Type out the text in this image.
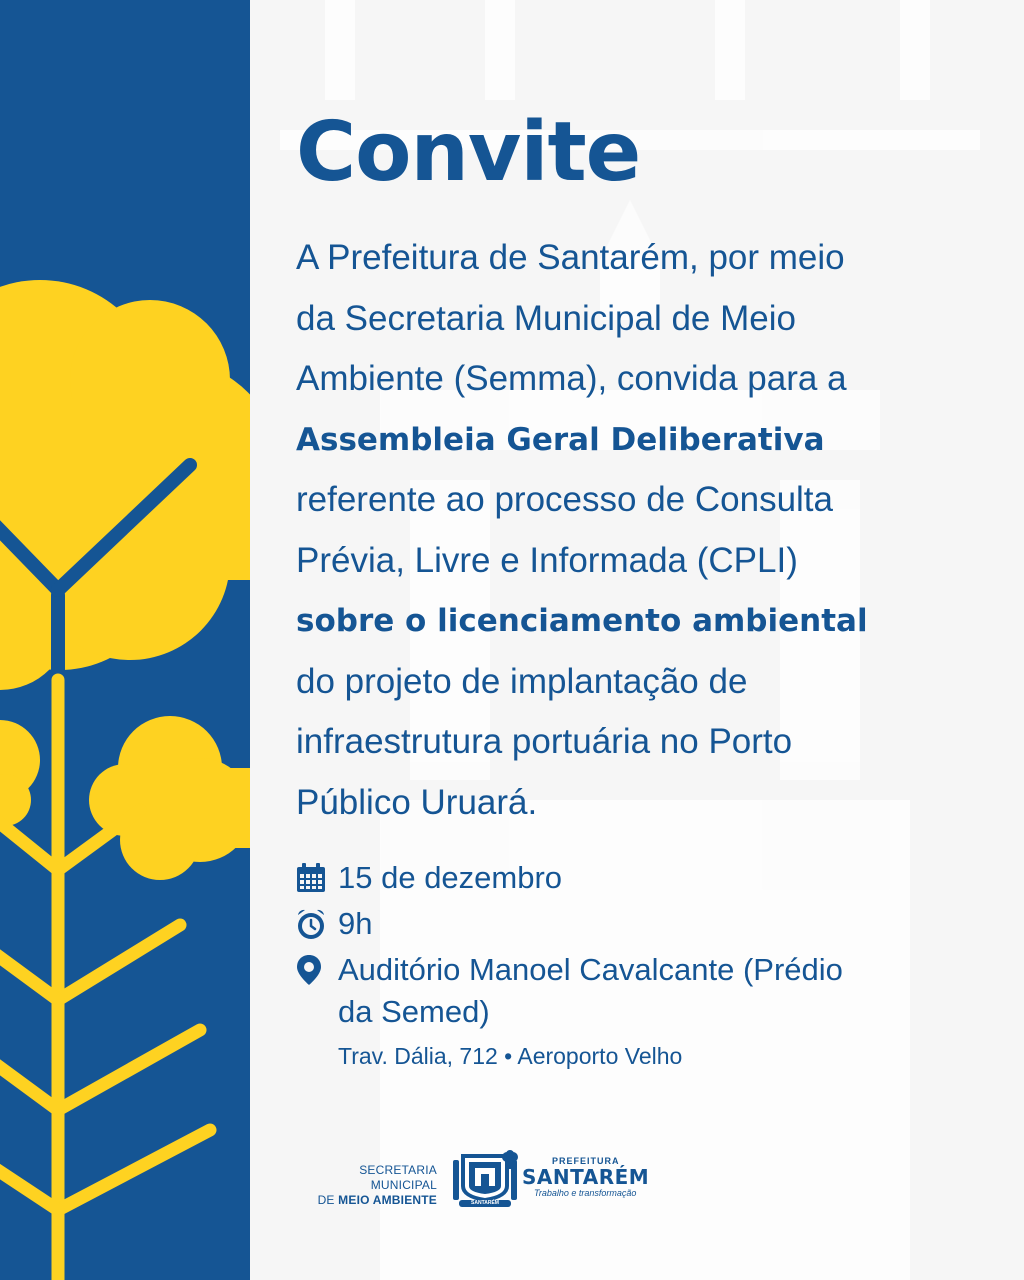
Convite

A Prefeitura de Santarém, por meio

da Secretaria Municipal de Meio

Ambiente (Semma), convida para a

Assembleia Geral Deliberativa

referente ao processo de Consulta

Prévia, Livre e Informada (CPLI)

sobre o licenciamento ambiental

do projeto de implantação de

infraestrutura portuária no Porto

Público Uruará.

15 de dezembro
9h
Auditório Manoel Cavalcante (Prédio
da Semed)
Trav. Dália, 712 • Aeroporto Velho
SECRETARIA MUNICIPAL
DE MEIO AMBIENTE	SANTARÉM
PREFEITURA
SANTARÉM
Trabalho e transformação
